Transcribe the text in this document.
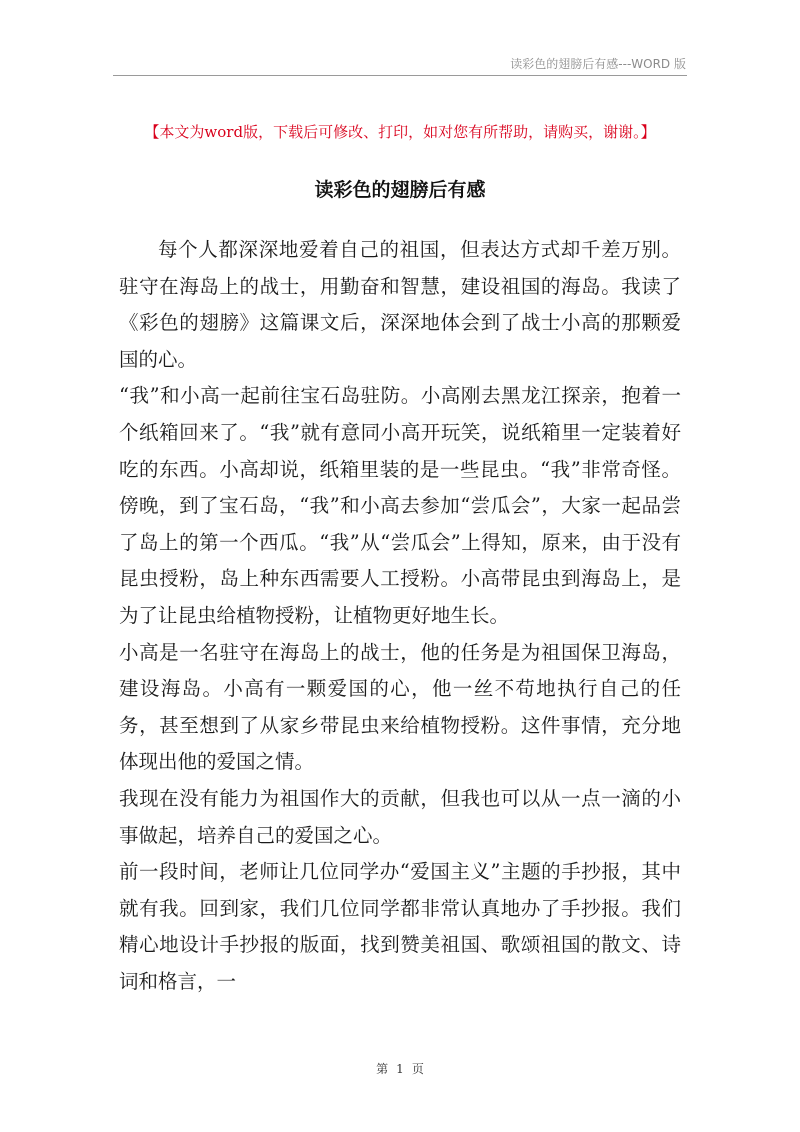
读彩色的翅膀后有感---WORD 版
【本文为word版，下载后可修改、打印，如对您有所帮助，请购买，谢谢。】
读彩色的翅膀后有感

每个人都深深地爱着自己的祖国，但表达方式却千差万别。驻守在海岛上的战士，用勤奋和智慧，建设祖国的海岛。我读了《彩色的翅膀》这篇课文后，深深地体会到了战士小高的那颗爱国的心。

“我”和小高一起前往宝石岛驻防。小高刚去黑龙江探亲，抱着一个纸箱回来了。“我”就有意同小高开玩笑，说纸箱里一定装着好吃的东西。小高却说，纸箱里装的是一些昆虫。“我”非常奇怪。傍晚，到了宝石岛，“我”和小高去参加“尝瓜会”，大家一起品尝了岛上的第一个西瓜。“我”从“尝瓜会”上得知，原来，由于没有昆虫授粉，岛上种东西需要人工授粉。小高带昆虫到海岛上，是为了让昆虫给植物授粉，让植物更好地生长。

小高是一名驻守在海岛上的战士，他的任务是为祖国保卫海岛，建设海岛。小高有一颗爱国的心，他一丝不苟地执行自己的任务，甚至想到了从家乡带昆虫来给植物授粉。这件事情，充分地体现出他的爱国之情。

我现在没有能力为祖国作大的贡献，但我也可以从一点一滴的小事做起，培养自己的爱国之心。

前一段时间，老师让几位同学办“爱国主义”主题的手抄报，其中就有我。回到家，我们几位同学都非常认真地办了手抄报。我们精心地设计手抄报的版面，找到赞美祖国、歌颂祖国的散文、诗词和格言，一

第 1 页
